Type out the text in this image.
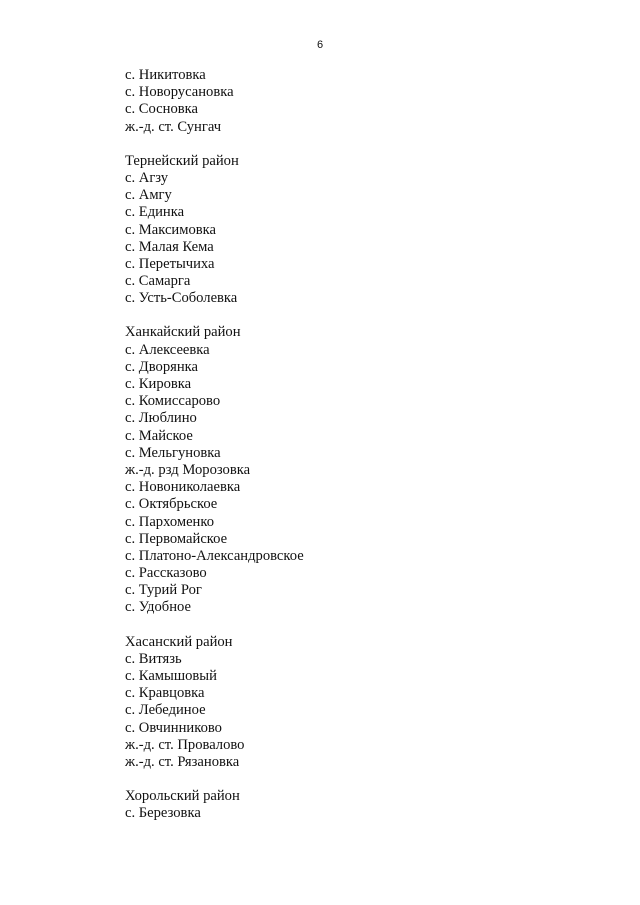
6
с. Никитовка
с. Новорусановка
с. Сосновка
ж.-д. ст. Сунгач
Тернейский район
с. Агзу
с. Амгу
с. Единка
с. Максимовка
с. Малая Кема
с. Перетычиха
с. Самарга
с. Усть-Соболевка
Ханкайский район
с. Алексеевка
с. Дворянка
с. Кировка
с. Комиссарово
с. Люблино
с. Майское
с. Мельгуновка
ж.-д. рзд Морозовка
с. Новониколаевка
с. Октябрьское
с. Пархоменко
с. Первомайское
с. Платоно-Александровское
с. Рассказово
с. Турий Рог
с. Удобное
Хасанский район
с. Витязь
с. Камышовый
с. Кравцовка
с. Лебединое
с. Овчинниково
ж.-д. ст. Провалово
ж.-д. ст. Рязановка
Хорольский район
с. Березовка
